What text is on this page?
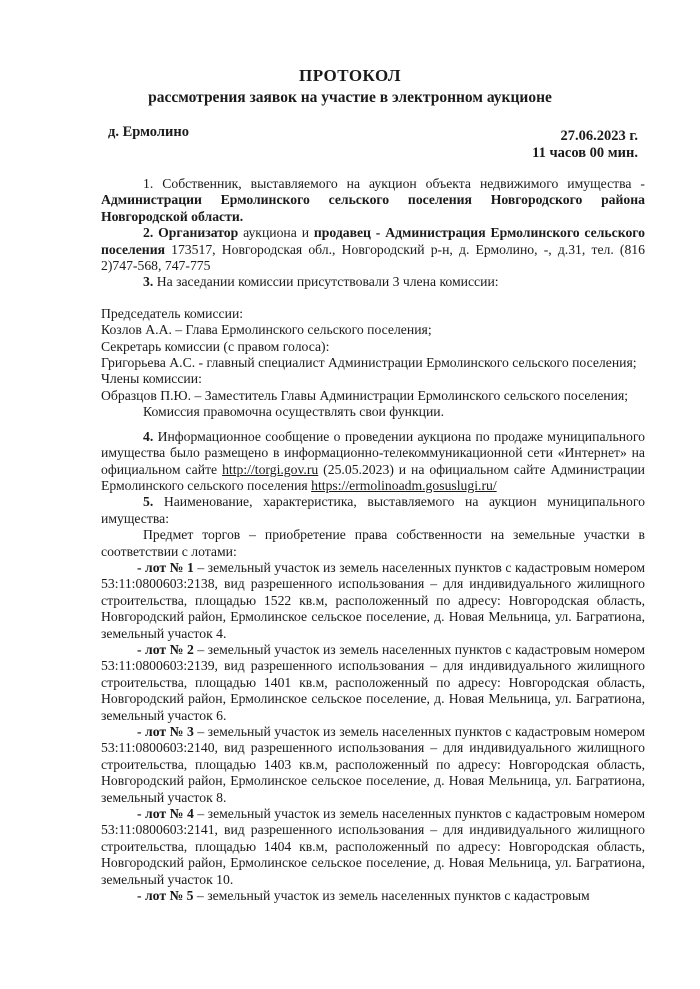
ПРОТОКОЛ
рассмотрения заявок на участие в электронном аукционе
д. Ермолино	27.06.2023 г.
11 часов 00 мин.

1. Собственник, выставляемого на аукцион объекта недвижимого имущества - Администрации Ермолинского сельского поселения Новгородского района Новгородской области.

2. Организатор аукциона и продавец - Администрация Ермолинского сельского поселения 173517, Новгородская обл., Новгородский р-н, д. Ермолино, -, д.31, тел. (816 2)747-568, 747-775

3. На заседании комиссии присутствовали 3 члена комиссии:

Председатель комиссии:

Козлов А.А. – Глава Ермолинского сельского поселения;

Секретарь комиссии (с правом голоса):

Григорьева А.С. - главный специалист Администрации Ермолинского сельского поселения;

Члены комиссии:

Образцов П.Ю. – Заместитель Главы Администрации Ермолинского сельского поселения;

Комиссия правомочна осуществлять свои функции.

4. Информационное сообщение о проведении аукциона по продаже муниципального имущества было размещено в информационно-телекоммуникационной сети «Интернет» на официальном сайте http://torgi.gov.ru (25.05.2023) и на официальном сайте Администрации Ермолинского сельского поселения https://ermolinoadm.gosuslugi.ru/

5. Наименование, характеристика, выставляемого на аукцион муниципального имущества:

Предмет торгов – приобретение права собственности на земельные участки в соответствии с лотами:

- лот № 1 – земельный участок из земель населенных пунктов с кадастровым номером 53:11:0800603:2138, вид разрешенного использования – для индивидуального жилищного строительства, площадью 1522 кв.м, расположенный по адресу: Новгородская область, Новгородский район, Ермолинское сельское поселение, д. Новая Мельница, ул. Багратиона, земельный участок 4.

- лот № 2 – земельный участок из земель населенных пунктов с кадастровым номером 53:11:0800603:2139, вид разрешенного использования – для индивидуального жилищного строительства, площадью 1401 кв.м, расположенный по адресу: Новгородская область, Новгородский район, Ермолинское сельское поселение, д. Новая Мельница, ул. Багратиона, земельный участок 6.

- лот № 3 – земельный участок из земель населенных пунктов с кадастровым номером 53:11:0800603:2140, вид разрешенного использования – для индивидуального жилищного строительства, площадью 1403 кв.м, расположенный по адресу: Новгородская область, Новгородский район, Ермолинское сельское поселение, д. Новая Мельница, ул. Багратиона, земельный участок 8.

- лот № 4 – земельный участок из земель населенных пунктов с кадастровым номером 53:11:0800603:2141, вид разрешенного использования – для индивидуального жилищного строительства, площадью 1404 кв.м, расположенный по адресу: Новгородская область, Новгородский район, Ермолинское сельское поселение, д. Новая Мельница, ул. Багратиона, земельный участок 10.

- лот № 5 – земельный участок из земель населенных пунктов с кадастровым
